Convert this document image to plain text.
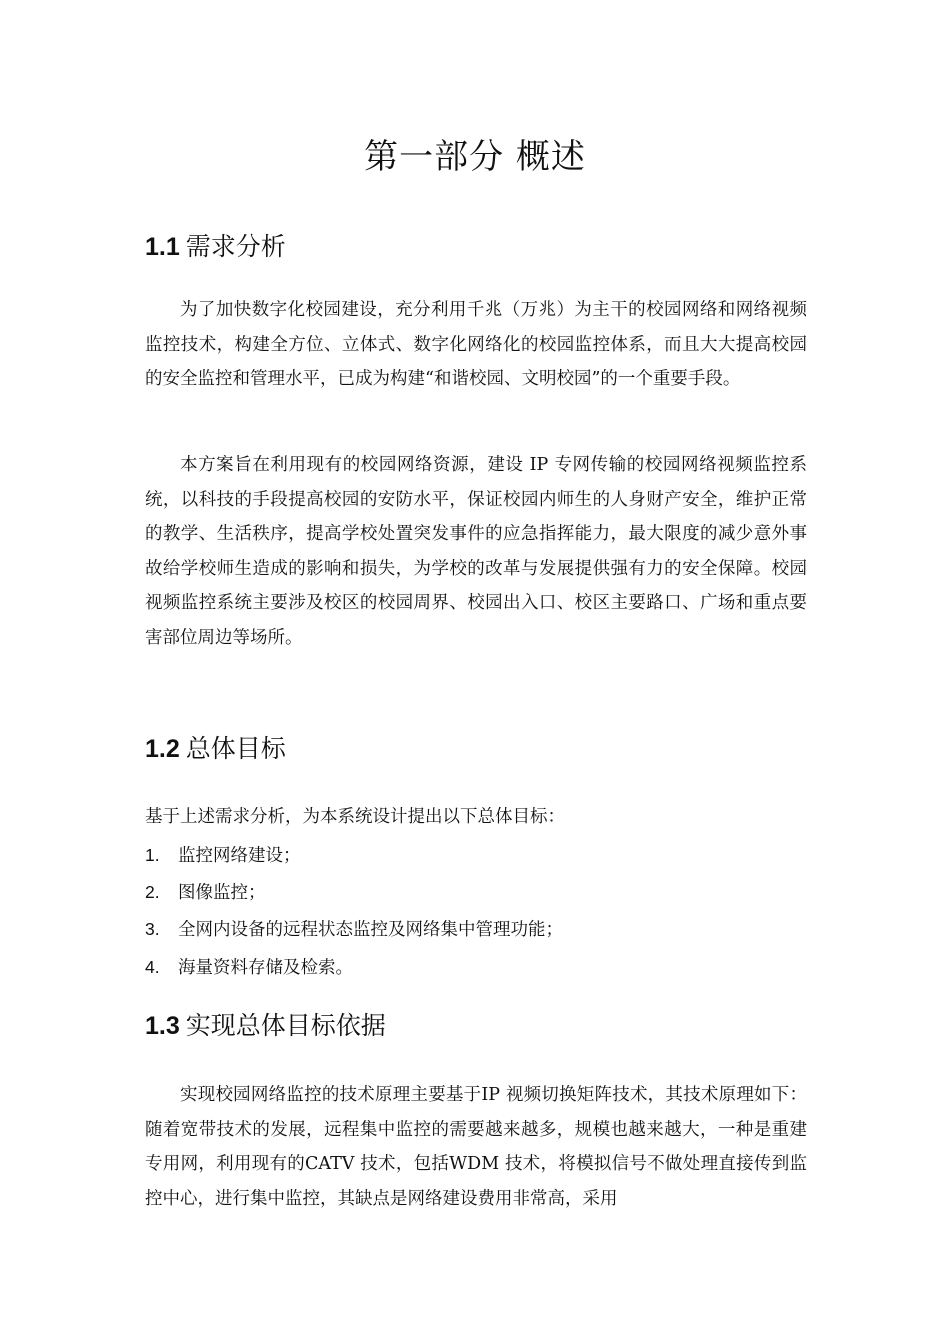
第一部分 概述
1.1 需求分析

为了加快数字化校园建设，充分利用千兆（万兆）为主干的校园网络和网络视频监控技术，构建全方位、立体式、数字化网络化的校园监控体系，而且大大提高校园的安全监控和管理水平，已成为构建“和谐校园、文明校园”的一个重要手段。

本方案旨在利用现有的校园网络资源，建设 IP 专网传输的校园网络视频监控系统，以科技的手段提高校园的安防水平，保证校园内师生的人身财产安全，维护正常的教学、生活秩序，提高学校处置突发事件的应急指挥能力，最大限度的减少意外事故给学校师生造成的影响和损失，为学校的改革与发展提供强有力的安全保障。校园视频监控系统主要涉及校区的校园周界、校园出入口、校区主要路口、广场和重点要害部位周边等场所。

1.2 总体目标
基于上述需求分析，为本系统设计提出以下总体目标：
1. 监控网络建设；
2. 图像监控；
3. 全网内设备的远程状态监控及网络集中管理功能；
4. 海量资料存储及检索。
1.3 实现总体目标依据

实现校园网络监控的技术原理主要基于IP 视频切换矩阵技术，其技术原理如下：随着宽带技术的发展，远程集中监控的需要越来越多，规模也越来越大，一种是重建专用网，利用现有的CATV 技术，包括WDM 技术，将模拟信号不做处理直接传到监控中心，进行集中监控，其缺点是网络建设费用非常高，采用
